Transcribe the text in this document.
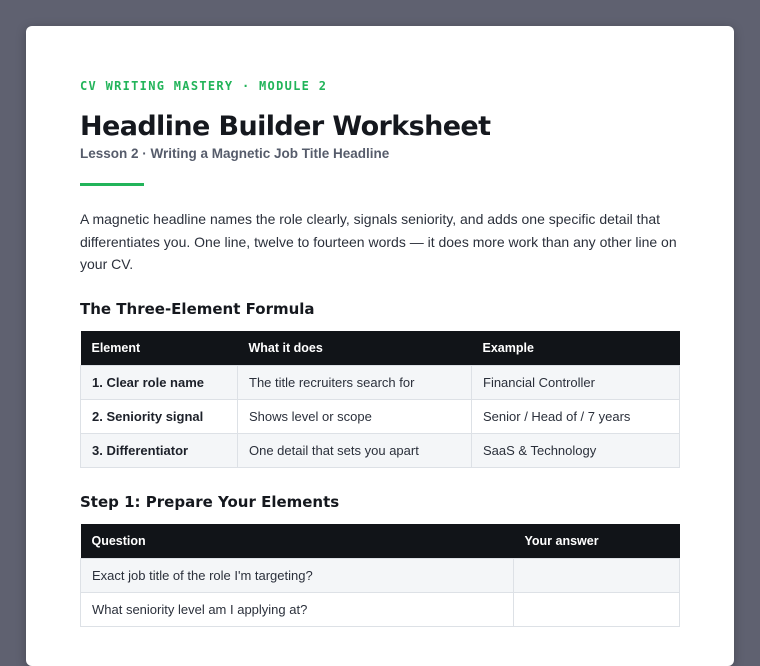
CV WRITING MASTERY · MODULE 2

Headline Builder Worksheet

Lesson 2 · Writing a Magnetic Job Title Headline

A magnetic headline names the role clearly, signals seniority, and adds one specific detail that differentiates you. One line, twelve to fourteen words — it does more work than any other line on your CV.

The Three-Element Formula
Element	What it does	Example
1. Clear role name	The title recruiters search for	Financial Controller
2. Seniority signal	Shows level or scope	Senior / Head of / 7 years
3. Differentiator	One detail that sets you apart	SaaS & Technology
Step 1: Prepare Your Elements
Question	Your answer
Exact job title of the role I'm targeting?	
What seniority level am I applying at?	
